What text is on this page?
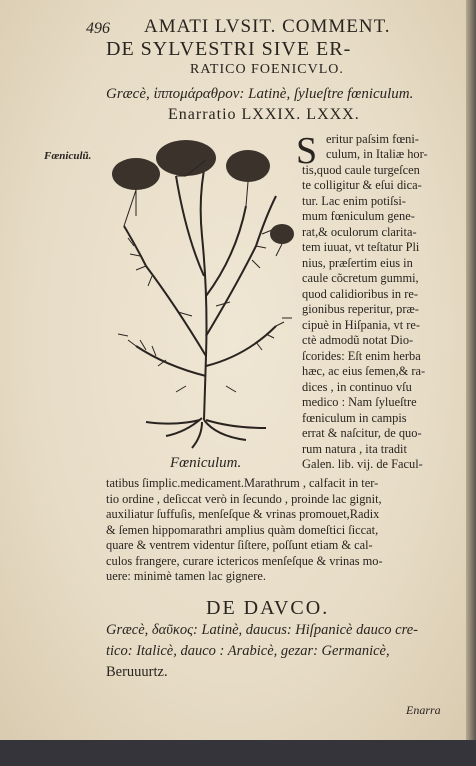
496 AMATI LVSIT. COMMENT.
DE SYLVESTRI SIVE ER-
RATICO FOENICVLO.
Græcè, ἱππομάραθρον: Latinè, ſylueſtre fœniculum.
Enarratio LXXIX. LXXX.
Fœniculũ.
Fœniculum.
S eritur paſsim fœni-
culum, in Italiæ hor-
tis,quod caule turgeſcen
te colligitur & eſui dica-
tur. Lac enim potiſsi-
mum fœniculum gene-
rat,& oculorum clarita-
tem iuuat, vt teſtatur Pli
nius, præſertim eius in
caule cõcretum gummi,
quod calidioribus in re-
gionibus reperitur, præ-
cipuè in Hiſpania, vt re-
ctè admodũ notat Dio-
ſcorides: Eſt enim herba
hæc, ac eius ſemen,& ra-
dices , in continuo vſu
medico : Nam ſylueſtre
fœniculum in campis
errat & naſcitur, de quo-
rum natura , ita tradit
Galen. lib. vij. de Facul-
tatibus ſimplic.medicament.Marathrum , calfacit in ter-
tio ordine , deſiccat verò in ſecundo , proinde lac gignit,
auxiliatur ſuffuſis, menſeſque & vrinas promouet,Radix
& ſemen hippomarathri amplius quàm domeſtici ſiccat,
quare & ventrem videntur ſiſtere, poſſunt etiam & cal-
culos frangere, curare ictericos menſeſque & vrinas mo-
uere: minimè tamen lac gignere.
DE DAVCO.
Græcè, δαῦκος: Latinè, daucus: Hiſpanicè dauco cre-
tico: Italicè, dauco : Arabicè, gezar: Germanicè,
Beruuurtz.
Enarra
